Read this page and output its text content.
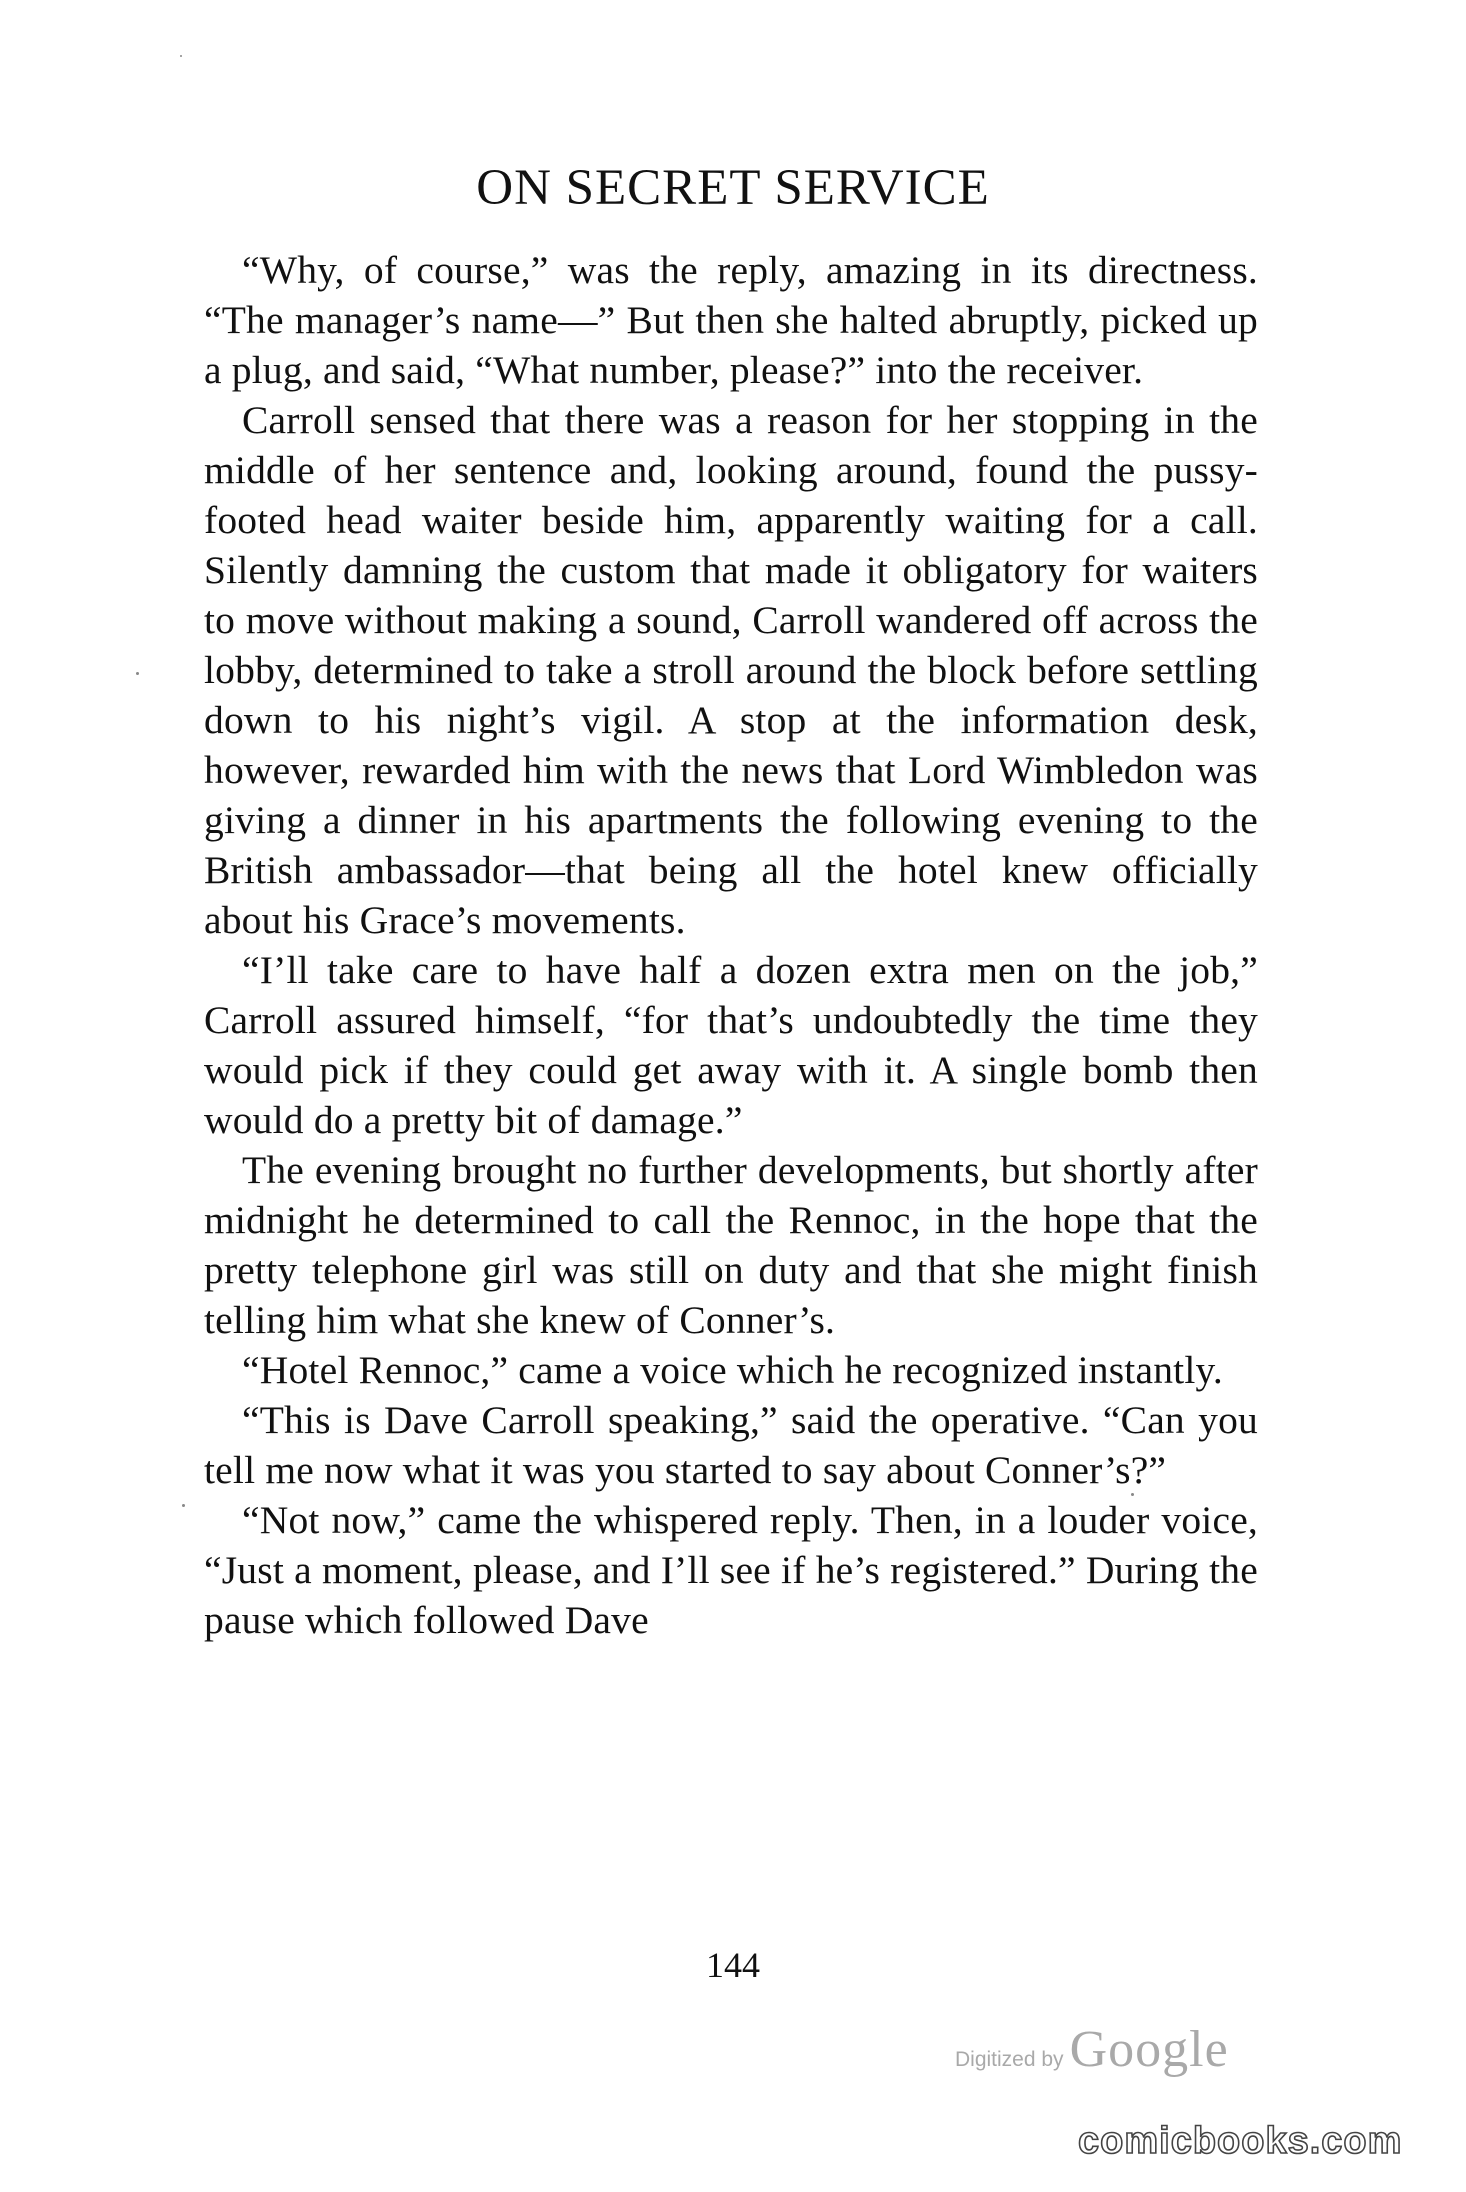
ON SECRET SERVICE

“Why, of course,” was the reply, amazing in its directness. “The manager’s name—” But then she halted abruptly, picked up a plug, and said, “What number, please?” into the receiver.

Carroll sensed that there was a reason for her stopping in the middle of her sentence and, looking around, found the pussy-footed head waiter beside him, apparently waiting for a call. Silently damning the custom that made it obligatory for waiters to move without making a sound, Carroll wandered off across the lobby, determined to take a stroll around the block before settling down to his night’s vigil. A stop at the information desk, however, rewarded him with the news that Lord Wimbledon was giving a dinner in his apartments the following evening to the British ambassador—that being all the hotel knew officially about his Grace’s movements.

“I’ll take care to have half a dozen extra men on the job,” Carroll assured himself, “for that’s undoubtedly the time they would pick if they could get away with it. A single bomb then would do a pretty bit of damage.”

The evening brought no further developments, but shortly after midnight he determined to call the Rennoc, in the hope that the pretty telephone girl was still on duty and that she might finish telling him what she knew of Conner’s.

“Hotel Rennoc,” came a voice which he recognized instantly.

“This is Dave Carroll speaking,” said the operative. “Can you tell me now what it was you started to say about Conner’s?”

“Not now,” came the whispered reply. Then, in a louder voice, “Just a moment, please, and I’ll see if he’s registered.” During the pause which followed Dave

144
Digitized by Google
comicbooks.com
